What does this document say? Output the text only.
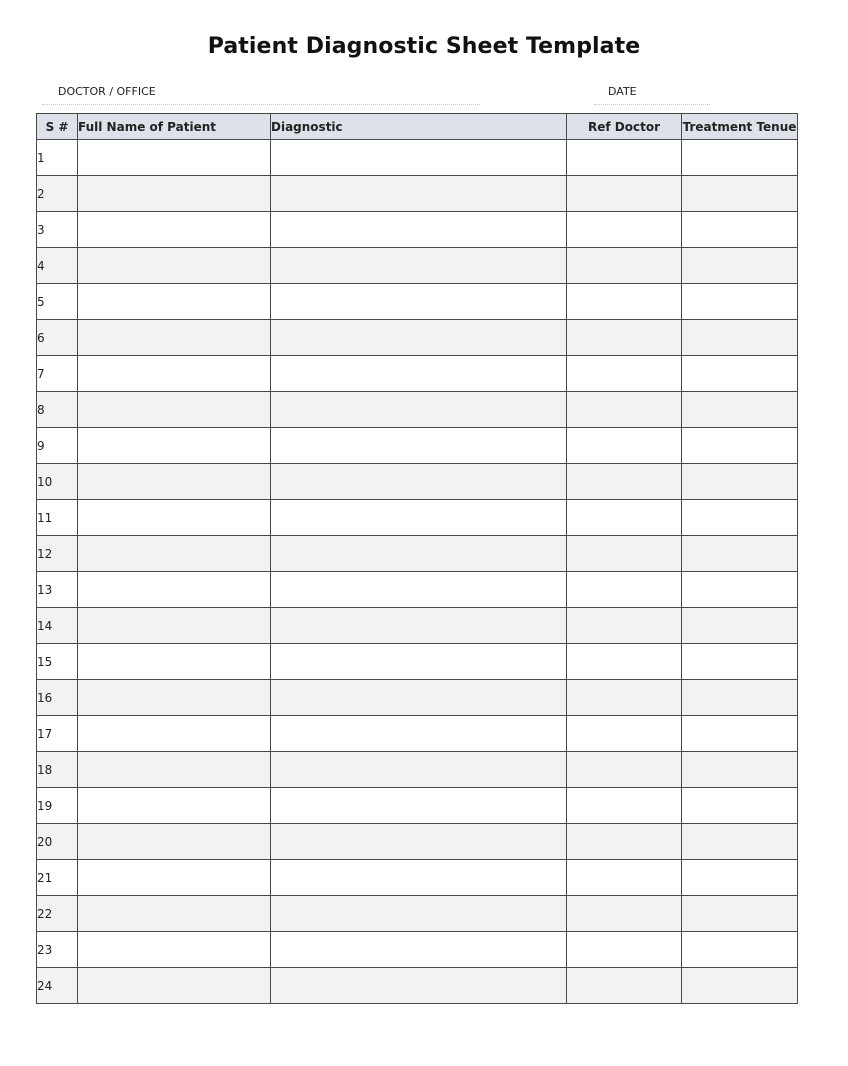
Patient Diagnostic Sheet Template
DOCTOR / OFFICE	DATE
S #	Full Name of Patient	Diagnostic	Ref Doctor	Treatment Tenue
1				
2				
3				
4				
5				
6				
7				
8				
9				
10				
11				
12				
13				
14				
15				
16				
17				
18				
19				
20				
21				
22				
23				
24				
